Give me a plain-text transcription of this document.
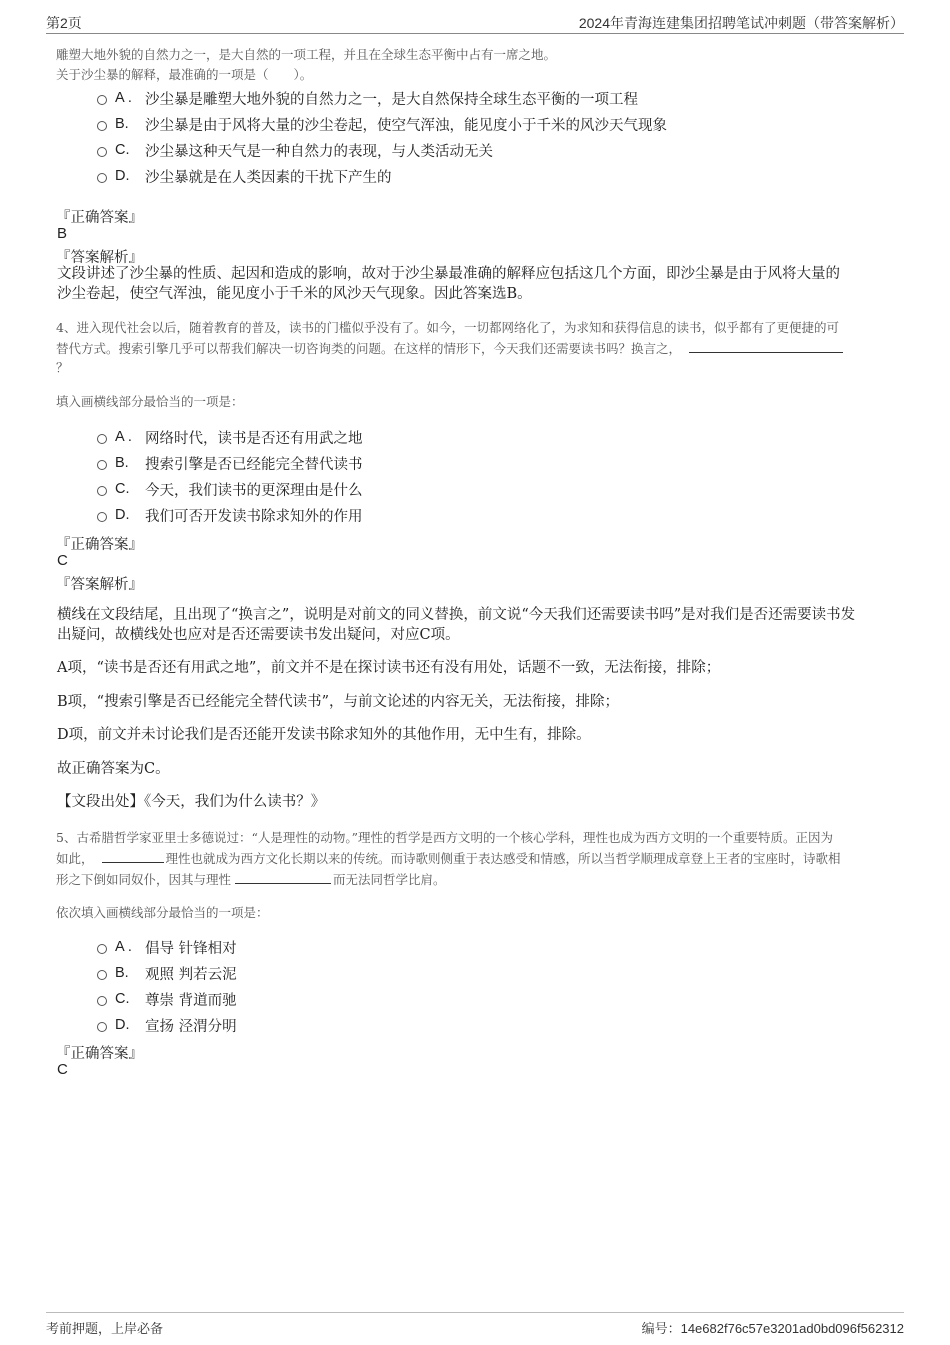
第2页	2024年青海连建集团招聘笔试冲刺题（带答案解析）
雕塑大地外貌的自然力之一，是大自然的一项工程，并且在全球生态平衡中占有一席之地。
关于沙尘暴的解释，最准确的一项是（　　）。
A . 沙尘暴是雕塑大地外貌的自然力之一，是大自然保持全球生态平衡的一项工程
B.	沙尘暴是由于风将大量的沙尘卷起，使空气浑浊，能见度小于千米的风沙天气现象
C.	沙尘暴这种天气是一种自然力的表现，与人类活动无关
D.	沙尘暴就是在人类因素的干扰下产生的
『正确答案』
B
『答案解析』
文段讲述了沙尘暴的性质、起因和造成的影响，故对于沙尘暴最准确的解释应包括这几个方面，即沙尘暴是由于风将大量的
沙尘卷起，使空气浑浊，能见度小于千米的风沙天气现象。因此答案选B。
4、进入现代社会以后，随着教育的普及，读书的门槛似乎没有了。如今，一切都网络化了，为求知和获得信息的读书，似乎都有了更便捷的可
替代方式。搜索引擎几乎可以帮我们解决一切咨询类的问题。在这样的情形下，今天我们还需要读书吗？换言之，
？
填入画横线部分最恰当的一项是：
A . 网络时代，读书是否还有用武之地
B.	搜索引擎是否已经能完全替代读书
C.	今天，我们读书的更深理由是什么
D.	我们可否开发读书除求知外的作用
『正确答案』
C
『答案解析』
横线在文段结尾，且出现了“换言之”，说明是对前文的同义替换，前文说“今天我们还需要读书吗”是对我们是否还需要读书发
出疑问，故横线处也应对是否还需要读书发出疑问，对应C项。
A项，“读书是否还有用武之地”，前文并不是在探讨读书还有没有用处，话题不一致，无法衔接，排除；
B项，“搜索引擎是否已经能完全替代读书”，与前文论述的内容无关，无法衔接，排除；
D项，前文并未讨论我们是否还能开发读书除求知外的其他作用，无中生有，排除。
故正确答案为C。
【文段出处】《今天，我们为什么读书？》
5、古希腊哲学家亚里士多德说过：“人是理性的动物。”理性的哲学是西方文明的一个核心学科，理性也成为西方文明的一个重要特质。正因为
如此，	理性也就成为西方文化长期以来的传统。而诗歌则侧重于表达感受和情感，所以当哲学顺理成章登上王者的宝座时，诗歌相
形之下倒如同奴仆，因其与理性	而无法同哲学比肩。
依次填入画横线部分最恰当的一项是：
A . 倡导 针锋相对
B.	观照 判若云泥
C.	尊崇 背道而驰
D.	宣扬 泾渭分明
『正确答案』
C
考前押题，上岸必备	编号：14e682f76c57e3201ad0bd096f562312
